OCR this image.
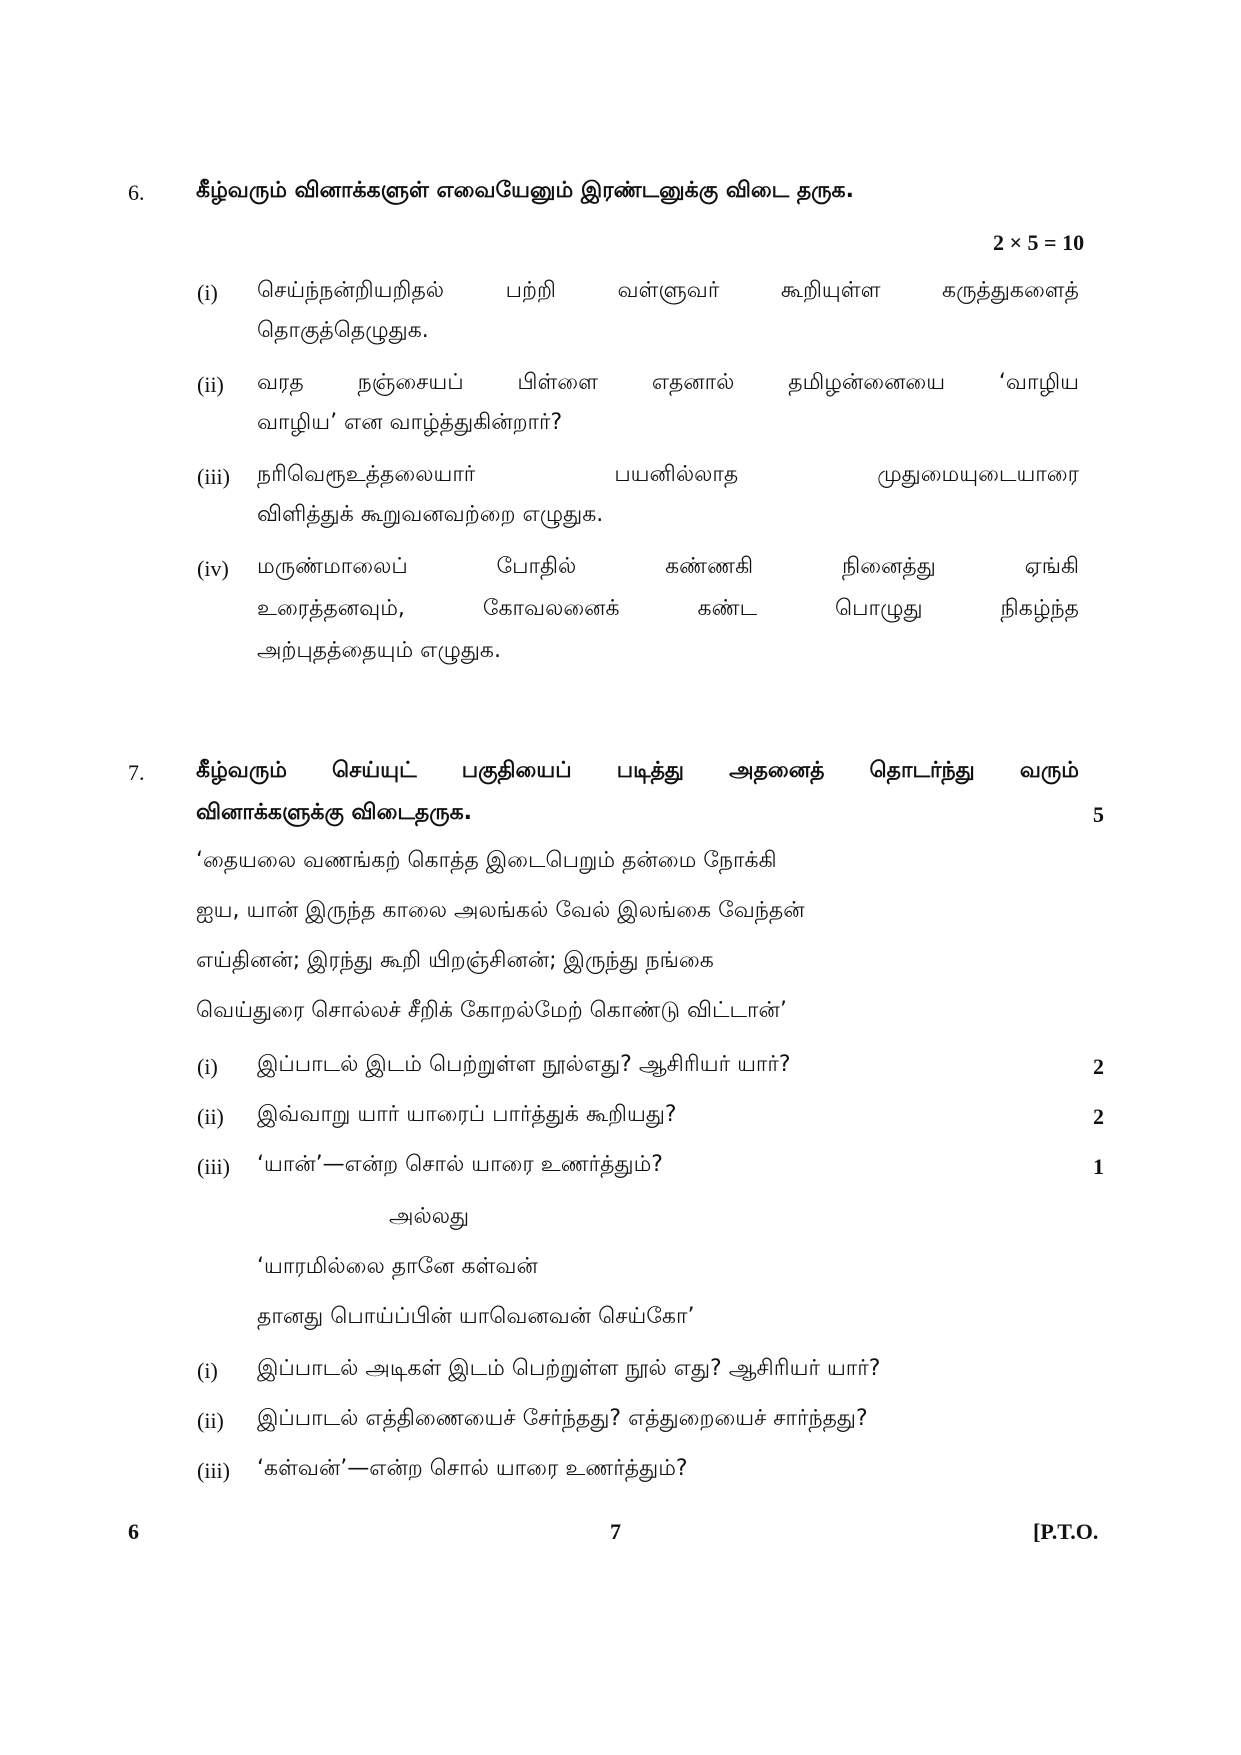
6. கீழ்வரும் வினாக்களுள் எவையேனும் இரண்டனுக்கு விடை தருக.
2 × 5 = 10
(i) செய்ந்நன்றியறிதல்	பற்றி	வள்ளுவர்	கூறியுள்ள	கருத்துகளைத்
தொகுத்தெழுதுக.
(ii) வரத நஞ்சையப் பிள்ளை எதனால் தமிழன்னையை ‘வாழிய
வாழிய’ என வாழ்த்துகின்றார்?
(iii) நரிவெரூஉத்தலையார்	பயனில்லாத	முதுமையுடையாரை
விளித்துக் கூறுவனவற்றை எழுதுக.
(iv) மருண்மாலைப்	போதில்	கண்ணகி	நினைத்து	ஏங்கி
உரைத்தனவும்,	கோவலனைக்	கண்ட	பொழுது	நிகழ்ந்த
அற்புதத்தையும் எழுதுக.
7. கீழ்வரும் செய்யுட் பகுதியைப் படித்து அதனைத் தொடர்ந்து வரும்
வினாக்களுக்கு விடைதருக.	5
‘தையலை வணங்கற் கொத்த இடைபெறும் தன்மை நோக்கி
ஐய, யான் இருந்த காலை அலங்கல் வேல் இலங்கை வேந்தன்
எய்தினன்; இரந்து கூறி யிறஞ்சினன்; இருந்து நங்கை
வெய்துரை சொல்லச் சீறிக் கோறல்மேற் கொண்டு விட்டான்’
(i) இப்பாடல் இடம் பெற்றுள்ள நூல்எது? ஆசிரியர் யார்?	2
(ii) இவ்வாறு யார் யாரைப் பார்த்துக் கூறியது?	2
(iii) ‘யான்’—என்ற சொல் யாரை உணர்த்தும்?	1
அல்லது
‘யாரமில்லை தானே கள்வன்
தானது பொய்ப்பின் யாவெனவன் செய்கோ’
(i) இப்பாடல் அடிகள் இடம் பெற்றுள்ள நூல் எது? ஆசிரியர் யார்?
(ii) இப்பாடல் எத்திணையைச் சேர்ந்தது? எத்துறையைச் சார்ந்தது?
(iii) ‘கள்வன்’—என்ற சொல் யாரை உணர்த்தும்?
6	7	[P.T.O.
